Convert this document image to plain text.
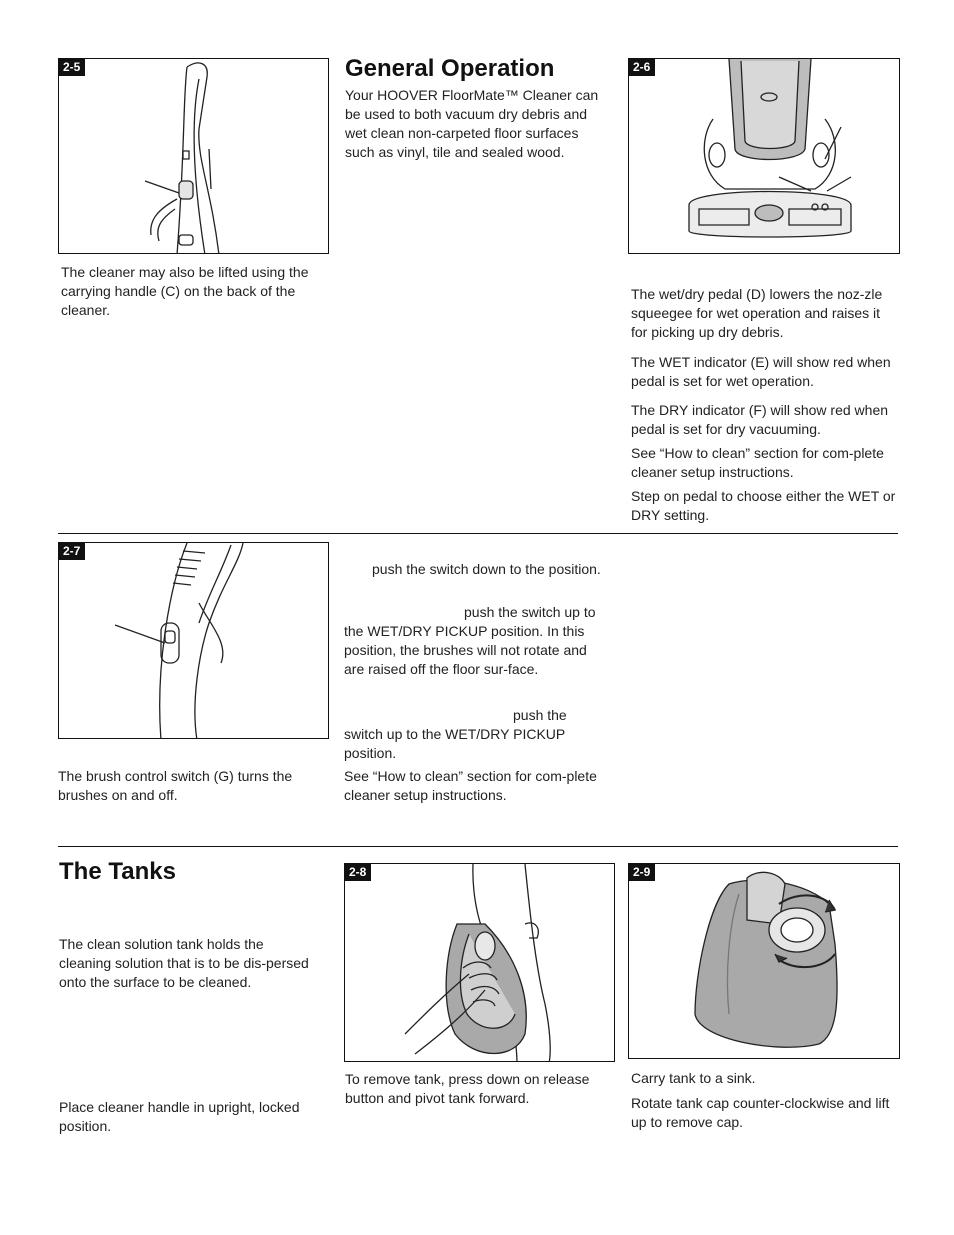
2-5

The cleaner may also be lifted using the carrying handle (C) on the back of the cleaner.

General Operation

Your HOOVER FloorMate™ Cleaner can be used to both vacuum dry debris and wet clean non-carpeted floor surfaces such as vinyl, tile and sealed wood.

2-6

The wet/dry pedal (D) lowers the noz-zle squeegee for wet operation and raises it for picking up dry debris.

The WET indicator (E) will show red when pedal is set for wet operation.

The DRY indicator (F) will show red when pedal is set for dry vacuuming.

See “How to clean” section for com-plete cleaner setup instructions.

Step on pedal to choose either the WET or DRY setting.

2-7

The brush control switch (G) turns the brushes on and off.

push the switch down to the position.

push the switch up to the WET/DRY PICKUP position. In this position, the brushes will not rotate and are raised off the floor sur-face.

push the switch up to the WET/DRY PICKUP position.

See “How to clean” section for com-plete cleaner setup instructions.

The Tanks

The clean solution tank holds the cleaning solution that is to be dis-persed onto the surface to be cleaned.

Place cleaner handle in upright, locked position.

2-8

To remove tank, press down on release button and pivot tank forward.

2-9

Carry tank to a sink.

Rotate tank cap counter-clockwise and lift up to remove cap.
